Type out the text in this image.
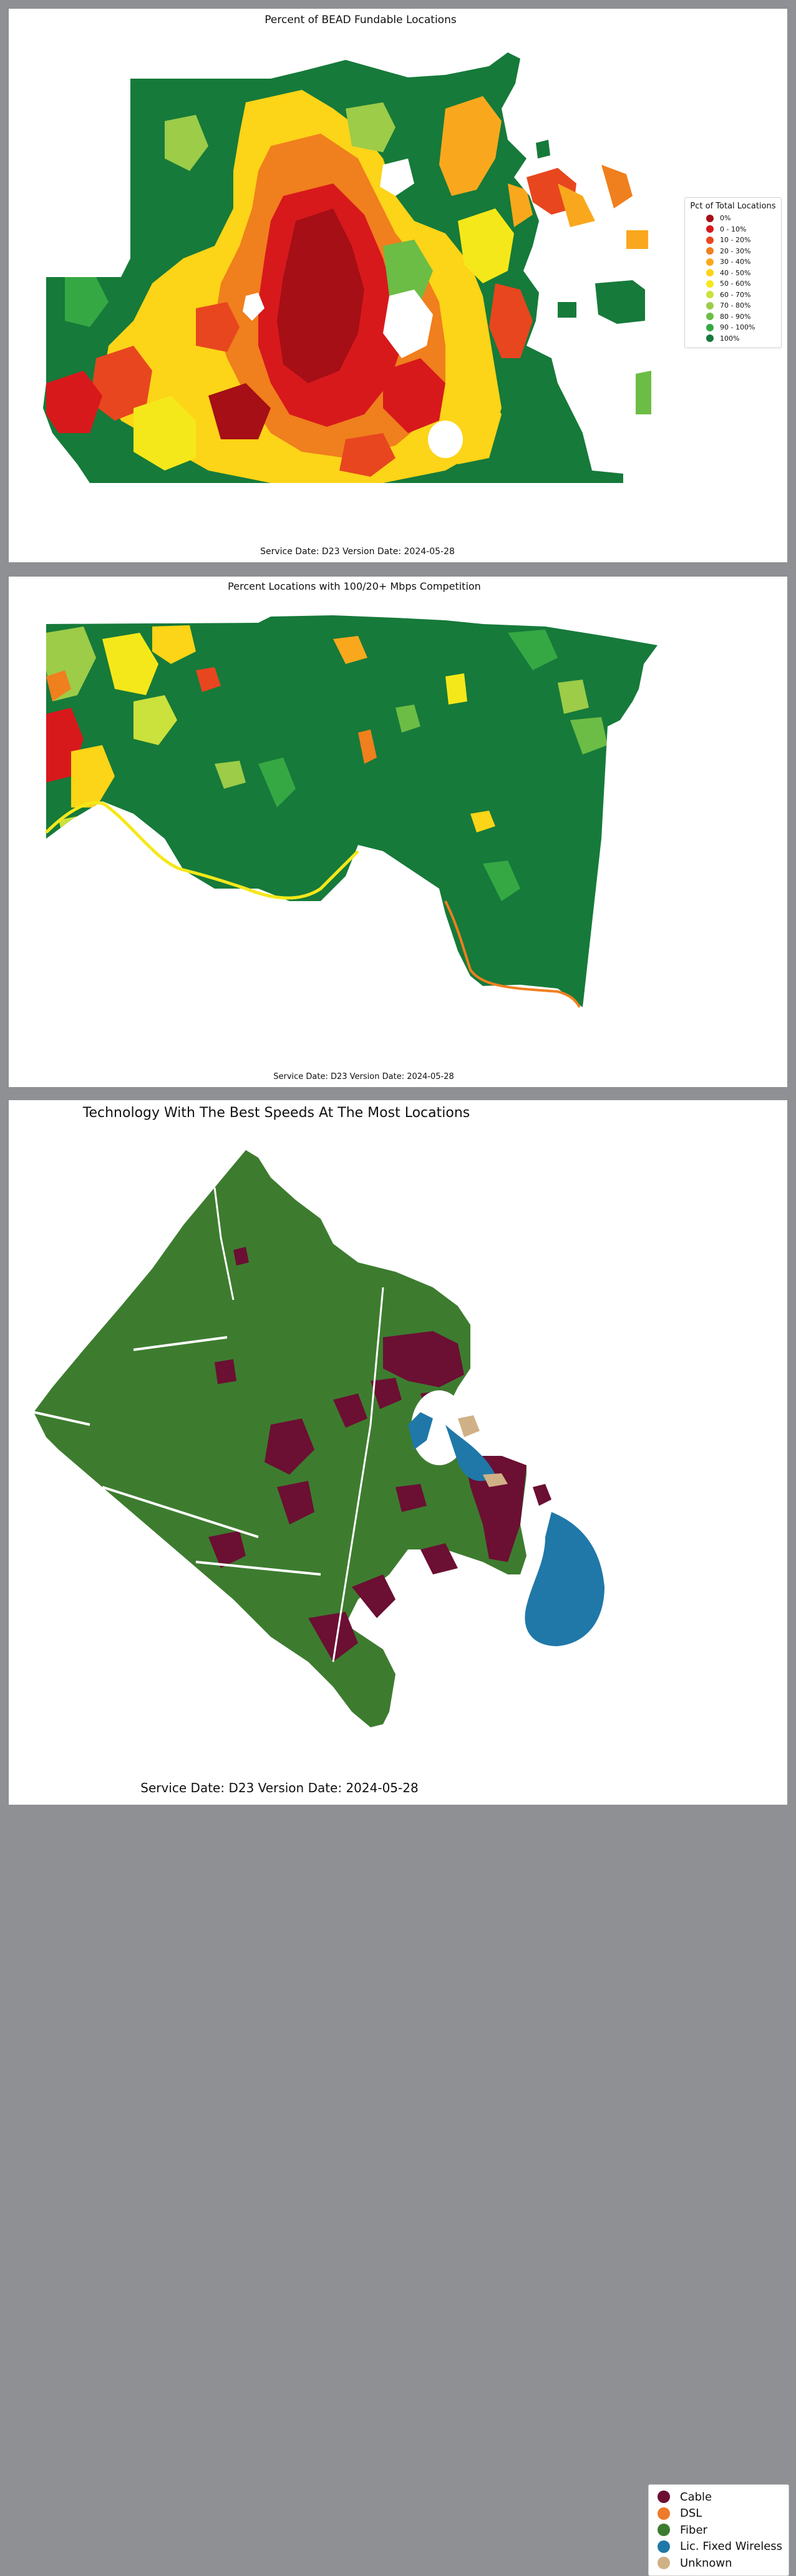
Percent of BEAD Fundable Locations
Pct of Total Locations
0%
0 - 10%
10 - 20%
20 - 30%
30 - 40%
40 - 50%
50 - 60%
60 - 70%
70 - 80%
80 - 90%
90 - 100%
100%
Service Date: D23 Version Date: 2024-05-28
Percent Locations with 100/20+ Mbps Competition
Service Date: D23 Version Date: 2024-05-28
Technology With The Best Speeds At The Most Locations
Cable
DSL
Fiber
Lic. Fixed Wireless
Unknown
Service Date: D23 Version Date: 2024-05-28
